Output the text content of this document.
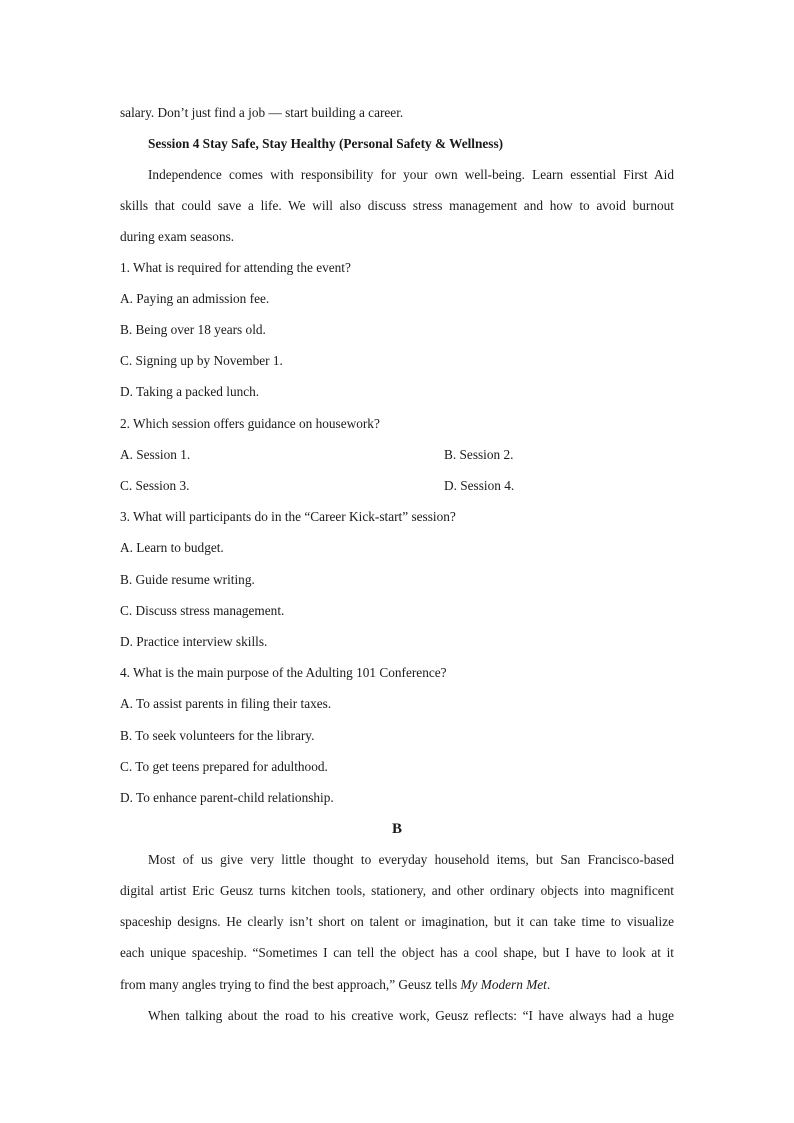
salary. Don’t just find a job — start building a career.
Session 4 Stay Safe, Stay Healthy (Personal Safety & Wellness)
Independence comes with responsibility for your own well-being. Learn essential First Aid
skills that could save a life. We will also discuss stress management and how to avoid burnout
during exam seasons.
1. What is required for attending the event?
A. Paying an admission fee.
B. Being over 18 years old.
C. Signing up by November 1.
D. Taking a packed lunch.
2. Which session offers guidance on housework?
A. Session 1.	B. Session 2.
C. Session 3.	D. Session 4.
3. What will participants do in the “Career Kick-start” session?
A. Learn to budget.
B. Guide resume writing.
C. Discuss stress management.
D. Practice interview skills.
4. What is the main purpose of the Adulting 101 Conference?
A. To assist parents in filing their taxes.
B. To seek volunteers for the library.
C. To get teens prepared for adulthood.
D. To enhance parent-child relationship.
B
Most of us give very little thought to everyday household items, but San Francisco-based
digital artist Eric Geusz turns kitchen tools, stationery, and other ordinary objects into magnificent
spaceship designs. He clearly isn’t short on talent or imagination, but it can take time to visualize
each unique spaceship. “Sometimes I can tell the object has a cool shape, but I have to look at it
from many angles trying to find the best approach,” Geusz tells My Modern Met.
When talking about the road to his creative work, Geusz reflects: “I have always had a huge
